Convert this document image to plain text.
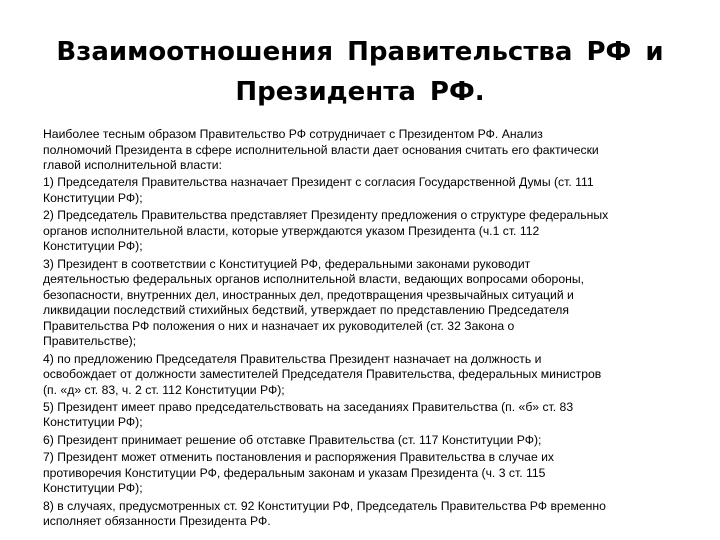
Взаимоотношения Правительства РФ и
Президента РФ.
Наиболее тесным образом Правительство РФ сотрудничает с Президентом РФ. Анализ
полномочий Президента в сфере исполнительной власти дает основания считать его фактически
главой исполнительной власти:
1) Председателя Правительства назначает Президент с согласия Государственной Думы (ст. 111
Конституции РФ);
2) Председатель Правительства представляет Президенту предложения о структуре федеральных
органов исполнительной власти, которые утверждаются указом Президента (ч.1 ст. 112
Конституции РФ);
3) Президент в соответствии с Конституцией РФ, федеральными законами руководит
деятельностью федеральных органов исполнительной власти, ведающих вопросами обороны,
безопасности, внутренних дел, иностранных дел, предотвращения чрезвычайных ситуаций и
ликвидации последствий стихийных бедствий, утверждает по представлению Председателя
Правительства РФ положения о них и назначает их руководителей (ст. 32 Закона о
Правительстве);
4) по предложению Председателя Правительства Президент назначает на должность и
освобождает от должности заместителей Председателя Правительства, федеральных министров
(п. «д» ст. 83, ч. 2 ст. 112 Конституции РФ);
5) Президент имеет право председательствовать на заседаниях Правительства (п. «б» ст. 83
Конституции РФ);
6) Президент принимает решение об отставке Правительства (ст. 117 Конституции РФ);
7) Президент может отменить постановления и распоряжения Правительства в случае их
противоречия Конституции РФ, федеральным законам и указам Президента (ч. 3 ст. 115
Конституции РФ);
8) в случаях, предусмотренных ст. 92 Конституции РФ, Председатель Правительства РФ временно
исполняет обязанности Президента РФ.
